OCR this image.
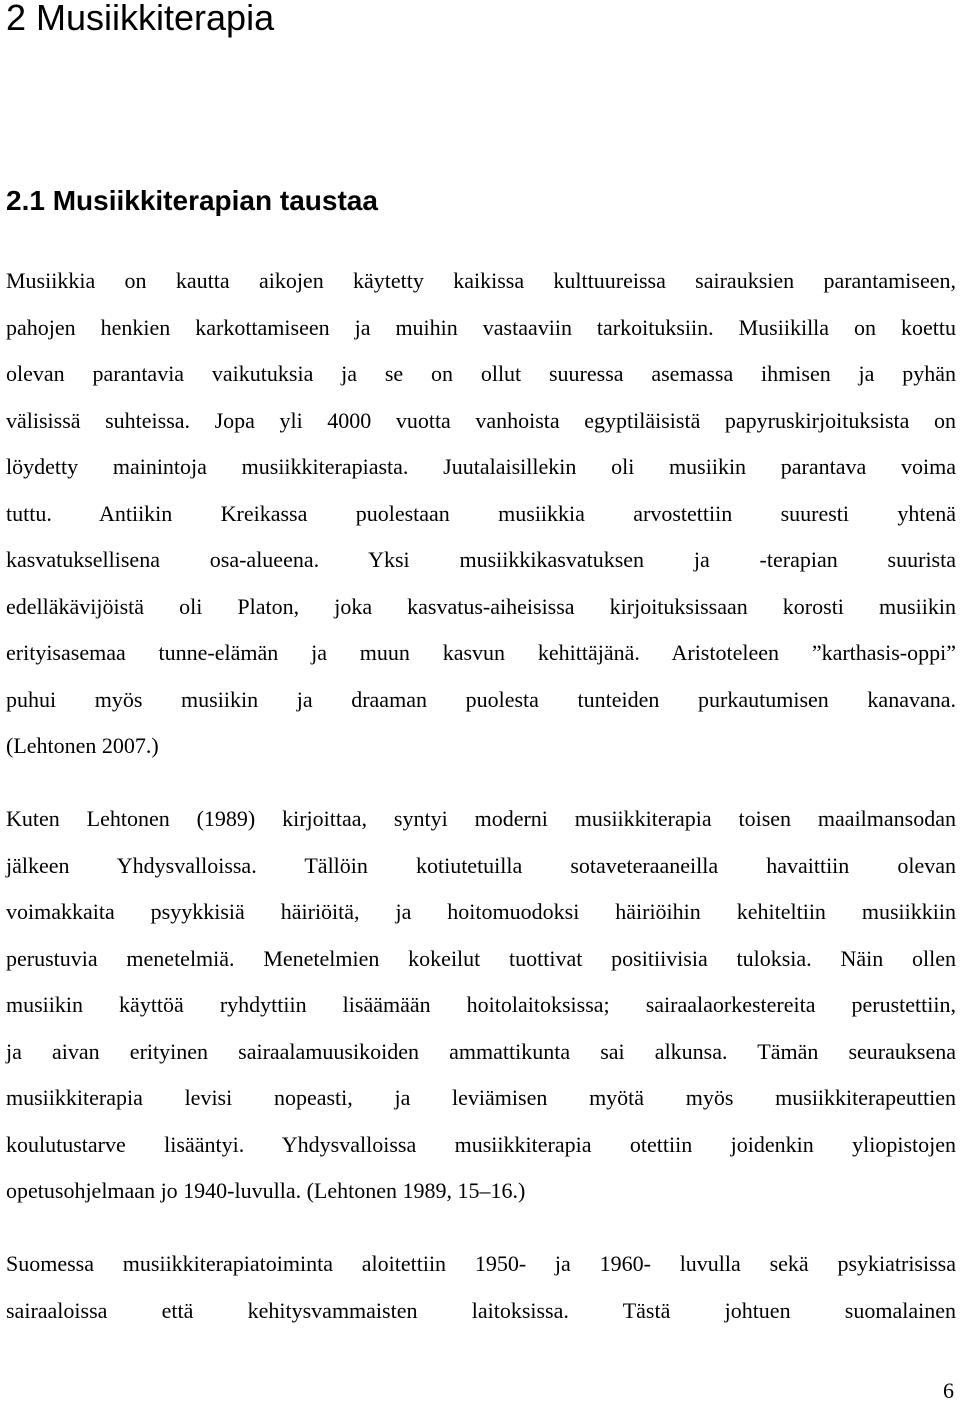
2 Musiikkiterapia
2.1 Musiikkiterapian taustaa
Musiikkia on kautta aikojen käytetty kaikissa kulttuureissa sairauksien parantamiseen,
pahojen henkien karkottamiseen ja muihin vastaaviin tarkoituksiin. Musiikilla on koettu
olevan parantavia vaikutuksia ja se on ollut suuressa asemassa ihmisen ja pyhän
välisissä suhteissa. Jopa yli 4000 vuotta vanhoista egyptiläisistä papyruskirjoituksista on
löydetty mainintoja musiikkiterapiasta. Juutalaisillekin oli musiikin parantava voima
tuttu. Antiikin Kreikassa puolestaan musiikkia arvostettiin suuresti yhtenä
kasvatuksellisena osa-alueena. Yksi musiikkikasvatuksen ja -terapian suurista
edelläkävijöistä oli Platon, joka kasvatus-aiheisissa kirjoituksissaan korosti musiikin
erityisasemaa tunne-elämän ja muun kasvun kehittäjänä. Aristoteleen ”karthasis-oppi”
puhui myös musiikin ja draaman puolesta tunteiden purkautumisen kanavana.
(Lehtonen 2007.)
Kuten Lehtonen (1989) kirjoittaa, syntyi moderni musiikkiterapia toisen maailmansodan
jälkeen Yhdysvalloissa. Tällöin kotiutetuilla sotaveteraaneilla havaittiin olevan
voimakkaita psyykkisiä häiriöitä, ja hoitomuodoksi häiriöihin kehiteltiin musiikkiin
perustuvia menetelmiä. Menetelmien kokeilut tuottivat positiivisia tuloksia. Näin ollen
musiikin käyttöä ryhdyttiin lisäämään hoitolaitoksissa; sairaalaorkestereita perustettiin,
ja aivan erityinen sairaalamuusikoiden ammattikunta sai alkunsa. Tämän seurauksena
musiikkiterapia levisi nopeasti, ja leviämisen myötä myös musiikkiterapeuttien
koulutustarve lisääntyi. Yhdysvalloissa musiikkiterapia otettiin joidenkin yliopistojen
opetusohjelmaan jo 1940-luvulla. (Lehtonen 1989, 15–16.)
Suomessa musiikkiterapiatoiminta aloitettiin 1950- ja 1960- luvulla sekä psykiatrisissa
sairaaloissa että kehitysvammaisten laitoksissa. Tästä johtuen suomalainen
6
